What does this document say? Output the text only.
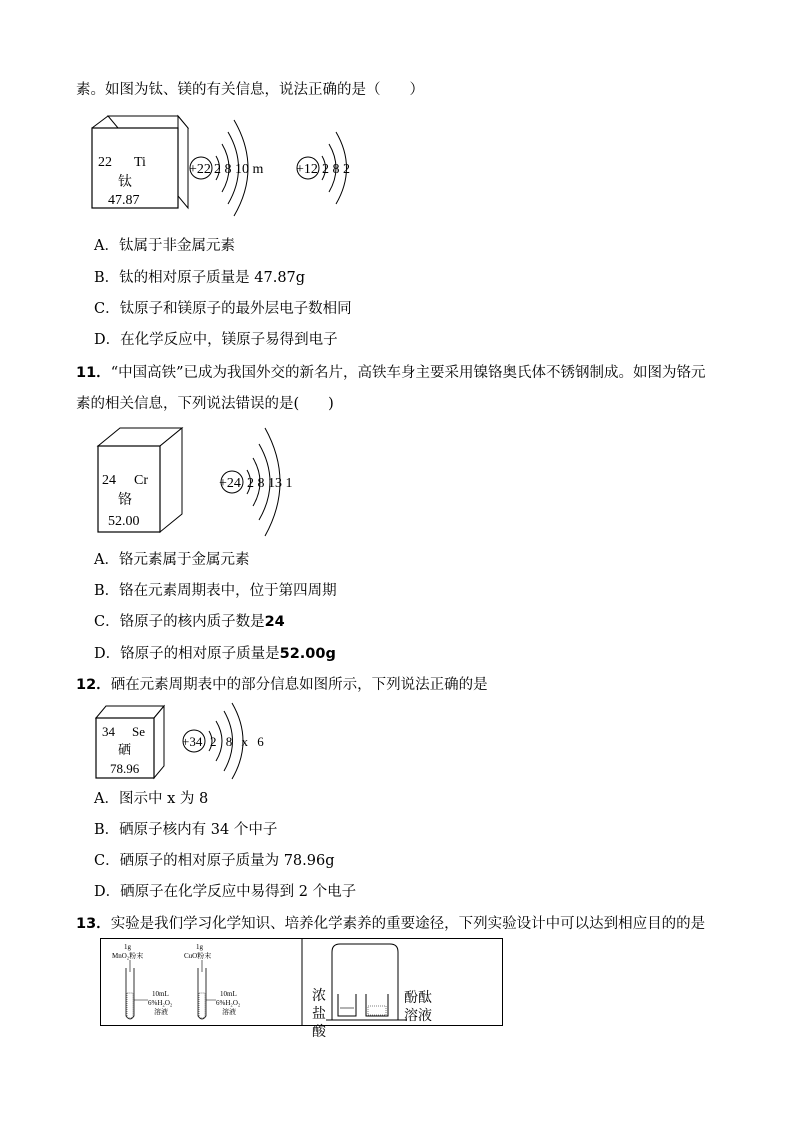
素。如图为钛、镁的有关信息，说法正确的是（　　）
22 Ti
钛
47.87
+22 2 8 10 m +12 2 8 2
A．钛属于非金属元素
B．钛的相对原子质量是 47.87g
C．钛原子和镁原子的最外层电子数相同
D．在化学反应中，镁原子易得到电子
11．“中国高铁”已成为我国外交的新名片，高铁车身主要采用镍铬奥氏体不锈钢制成。如图为铬元
素的相关信息，下列说法错误的是(　　)
24 Cr
铬
52.00
+24 2 8 13 1
A．铬元素属于金属元素
B．铬在元素周期表中，位于第四周期
C．铬原子的核内质子数是24
D．铬原子的相对原子质量是52.00g
12．硒在元素周期表中的部分信息如图所示，下列说法正确的是
34 Se
硒
78.96
+34 2 8 x 6
A．图示中 x 为 8
B．硒原子核内有 34 个中子
C．硒原子的相对原子质量为 78.96g
D．硒原子在化学反应中易得到 2 个电子
13．实验是我们学习化学知识、培养化学素养的重要途径，下列实验设计中可以达到相应目的的是
1g
MnO₂粉末
10mL
6%H₂O₂
溶液
1g
CuO粉末
10mL
6%H₂O₂
溶液
浓
盐
酸
酚酞
溶液
